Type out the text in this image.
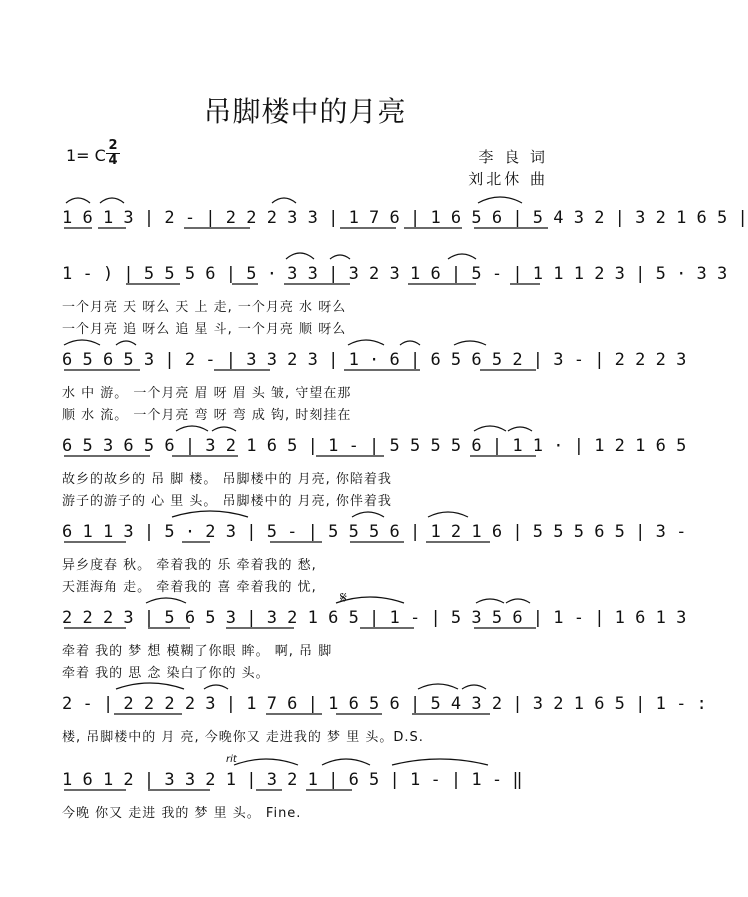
吊脚楼中的月亮
1= C
2
4	李 良 词
刘北休 曲
1 6 1 3 | 2 - | 2 2 2 3 3 | 1 7 6 | 1 6 5 6 | 5 4 3 2 | 3 2 1 6 5 |
1 - ) | 5 5 5 6 | 5 · 3 3 | 3 2 3 1 6 | 5 - | 1 1 1 2 3 | 5 · 3 3
一个月亮 天 呀么 天 上 走, 一个月亮 水 呀么
一个月亮 追 呀么 追 星 斗, 一个月亮 顺 呀么
6 5 6 5 3 | 2 - | 3 3 2 3 | 1 · 6 | 6 5 6 5 2 | 3 - | 2 2 2 3
水 中 游。 一个月亮 眉 呀 眉 头 皱, 守望在那
顺 水 流。 一个月亮 弯 呀 弯 成 钩, 时刻挂在
6 5 3 6 5 6 | 3 2 1 6 5 | 1 - | 5 5 5 5 6 | 1 1 · | 1 2 1 6 5
故乡的故乡的 吊 脚 楼。 吊脚楼中的 月亮, 你陪着我
游子的游子的 心 里 头。 吊脚楼中的 月亮, 你伴着我
6 1 1 3 | 5 · 2 3 | 5 - | 5 5 5 6 | 1 2 1 6 | 5 5 5 6 5 | 3 -
异乡度春 秋。 牵着我的 乐 牵着我的 愁,
天涯海角 走。 牵着我的 喜 牵着我的 忧,
2 2 2 3 | 5 6 5 3 | 3 2 1 6 5 | 1 - | 5 3 5 6 | 1 - | 1 6 1 3
牵着 我的 梦 想 模糊了你眼 眸。 啊, 吊 脚
牵着 我的 思 念 染白了你的 头。
𝄋
2 - | 2 2 2 2 3 | 1 7 6 | 1 6 5 6 | 5 4 3 2 | 3 2 1 6 5 | 1 - :
楼, 吊脚楼中的 月 亮, 今晚你又 走进我的 梦 里 头。D.S.
1 6 1 2 | 3 3 2 1 | 3 2 1 | 6 5 | 1 - | 1 - ‖
今晚 你又 走进 我的 梦 里 头。 Fine.
rit
